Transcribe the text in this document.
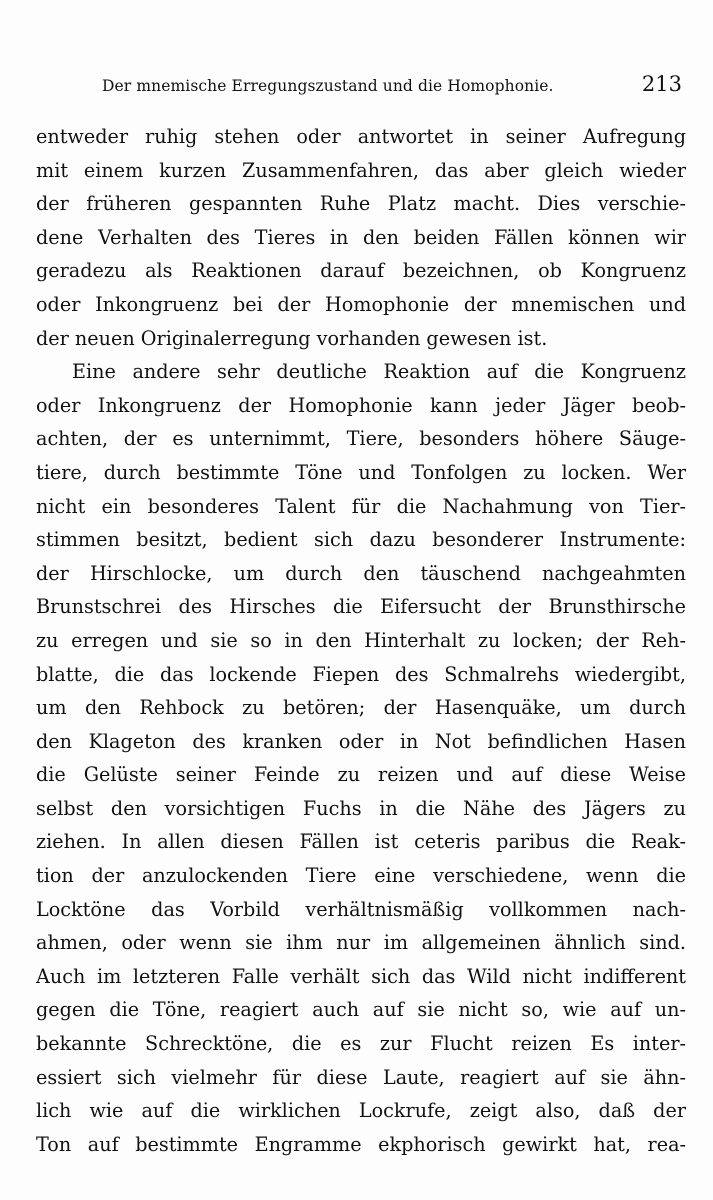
Der mnemische Erregungszustand und die Homophonie.	213
entweder ruhig stehen oder antwortet in seiner Aufregung
mit einem kurzen Zusammenfahren, das aber gleich wieder
der früheren gespannten Ruhe Platz macht. Dies verschie-
dene Verhalten des Tieres in den beiden Fällen können wir
geradezu als Reaktionen darauf bezeichnen, ob Kongruenz
oder Inkongruenz bei der Homophonie der mnemischen und
der neuen Originalerregung vorhanden gewesen ist.
Eine andere sehr deutliche Reaktion auf die Kongruenz
oder Inkongruenz der Homophonie kann jeder Jäger beob-
achten, der es unternimmt, Tiere, besonders höhere Säuge-
tiere, durch bestimmte Töne und Tonfolgen zu locken. Wer
nicht ein besonderes Talent für die Nachahmung von Tier-
stimmen besitzt, bedient sich dazu besonderer Instrumente:
der Hirschlocke, um durch den täuschend nachgeahmten
Brunstschrei des Hirsches die Eifersucht der Brunsthirsche
zu erregen und sie so in den Hinterhalt zu locken; der Reh-
blatte, die das lockende Fiepen des Schmalrehs wiedergibt,
um den Rehbock zu betören; der Hasenquäke, um durch
den Klageton des kranken oder in Not befindlichen Hasen
die Gelüste seiner Feinde zu reizen und auf diese Weise
selbst den vorsichtigen Fuchs in die Nähe des Jägers zu
ziehen. In allen diesen Fällen ist ceteris paribus die Reak-
tion der anzulockenden Tiere eine verschiedene, wenn die
Locktöne das Vorbild verhältnismäßig vollkommen nach-
ahmen, oder wenn sie ihm nur im allgemeinen ähnlich sind.
Auch im letzteren Falle verhält sich das Wild nicht indifferent
gegen die Töne, reagiert auch auf sie nicht so, wie auf un-
bekannte Schrecktöne, die es zur Flucht reizen Es inter-
essiert sich vielmehr für diese Laute, reagiert auf sie ähn-
lich wie auf die wirklichen Lockrufe, zeigt also, daß der
Ton auf bestimmte Engramme ekphorisch gewirkt hat, rea-
